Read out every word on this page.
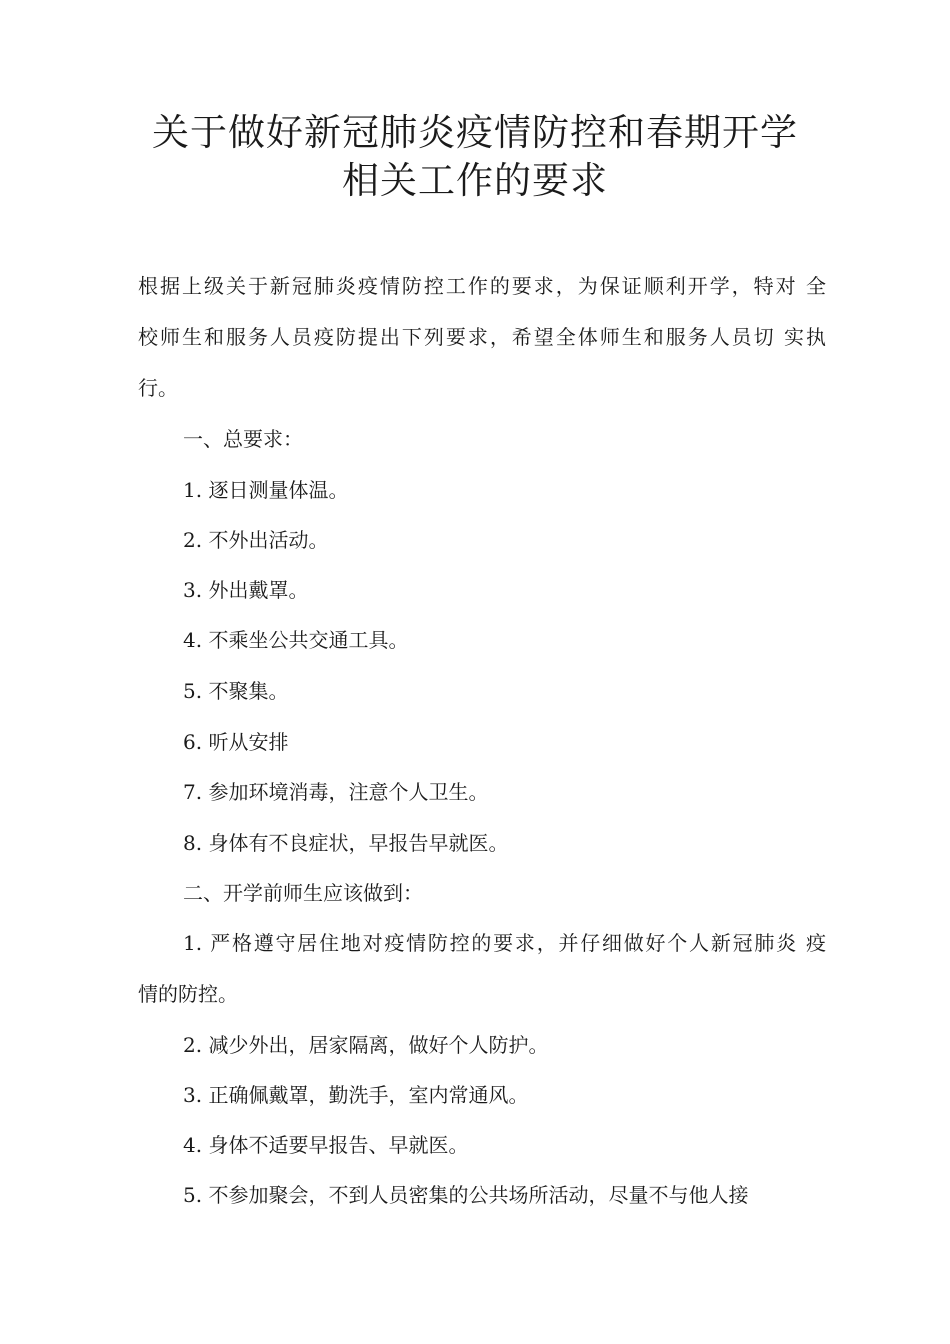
关于做好新冠肺炎疫情防控和春期开学
相关工作的要求

根据上级关于新冠肺炎疫情防控工作的要求，为保证顺利开学，特对 全

校师生和服务人员疫防提出下列要求，希望全体师生和服务人员切 实执

行。

一、总要求：

1. 逐日测量体温。

2. 不外出活动。

3. 外出戴罩。

4. 不乘坐公共交通工具。

5. 不聚集。

6. 听从安排

7. 参加环境消毒，注意个人卫生。

8. 身体有不良症状，早报告早就医。

二、开学前师生应该做到：

1. 严格遵守居住地对疫情防控的要求，并仔细做好个人新冠肺炎 疫

情的防控。

2. 减少外出，居家隔离，做好个人防护。

3. 正确佩戴罩，勤洗手，室内常通风。

4. 身体不适要早报告、早就医。

5. 不参加聚会，不到人员密集的公共场所活动，尽量不与他人接
